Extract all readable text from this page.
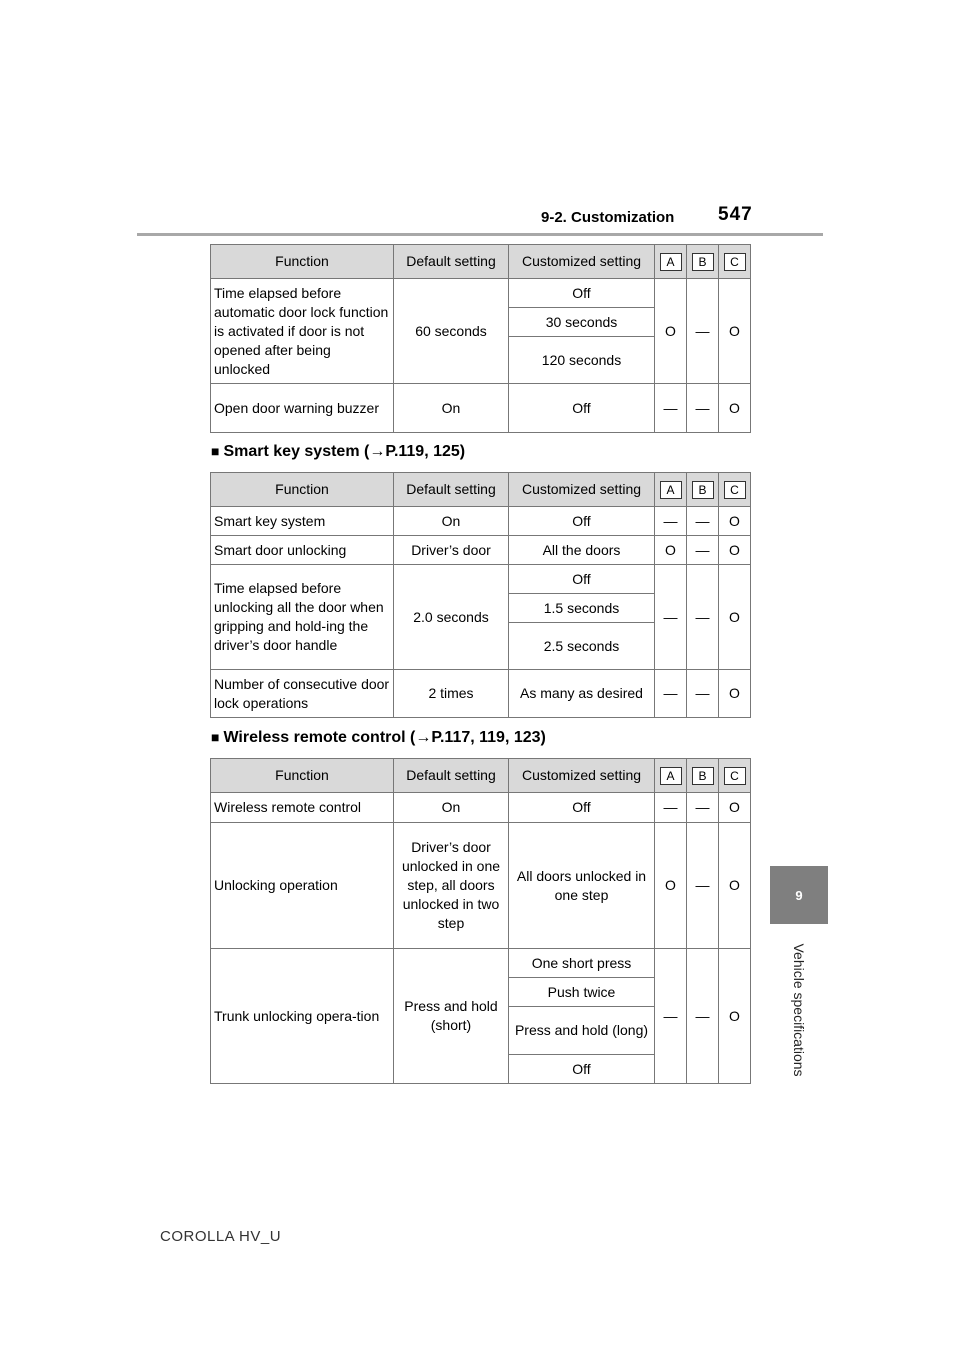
9-2. Customization 547
9
Vehicle specifications
Function	Default setting	Customized setting	A	B	C
Time elapsed before automatic door lock function is activated if door is not opened after being unlocked	60 seconds	Off	O	—	O
		30 seconds			
		120 seconds			
Open door warning buzzer	On	Off	—	—	O
■ Smart key system (→P.119, 125)
Function	Default setting	Customized setting	A	B	C
Smart key system	On	Off	—	—	O
Smart door unlocking	Driver’s door	All the doors	O	—	O
Time elapsed before unlocking all the door when gripping and hold-ing the driver’s door handle	2.0 seconds	Off	—	—	O
		1.5 seconds			
		2.5 seconds			
Number of consecutive door lock operations	2 times	As many as desired	—	—	O
■ Wireless remote control (→P.117, 119, 123)
Function	Default setting	Customized setting	A	B	C
Wireless remote control	On	Off	—	—	O
Unlocking operation	Driver’s door unlocked in one step, all doors unlocked in two step	All doors unlocked in one step	O	—	O
Trunk unlocking opera-tion	Press and hold (short)	One short press	—	—	O
		Push twice			
		Press and hold (long)			
		Off			
COROLLA HV_U
